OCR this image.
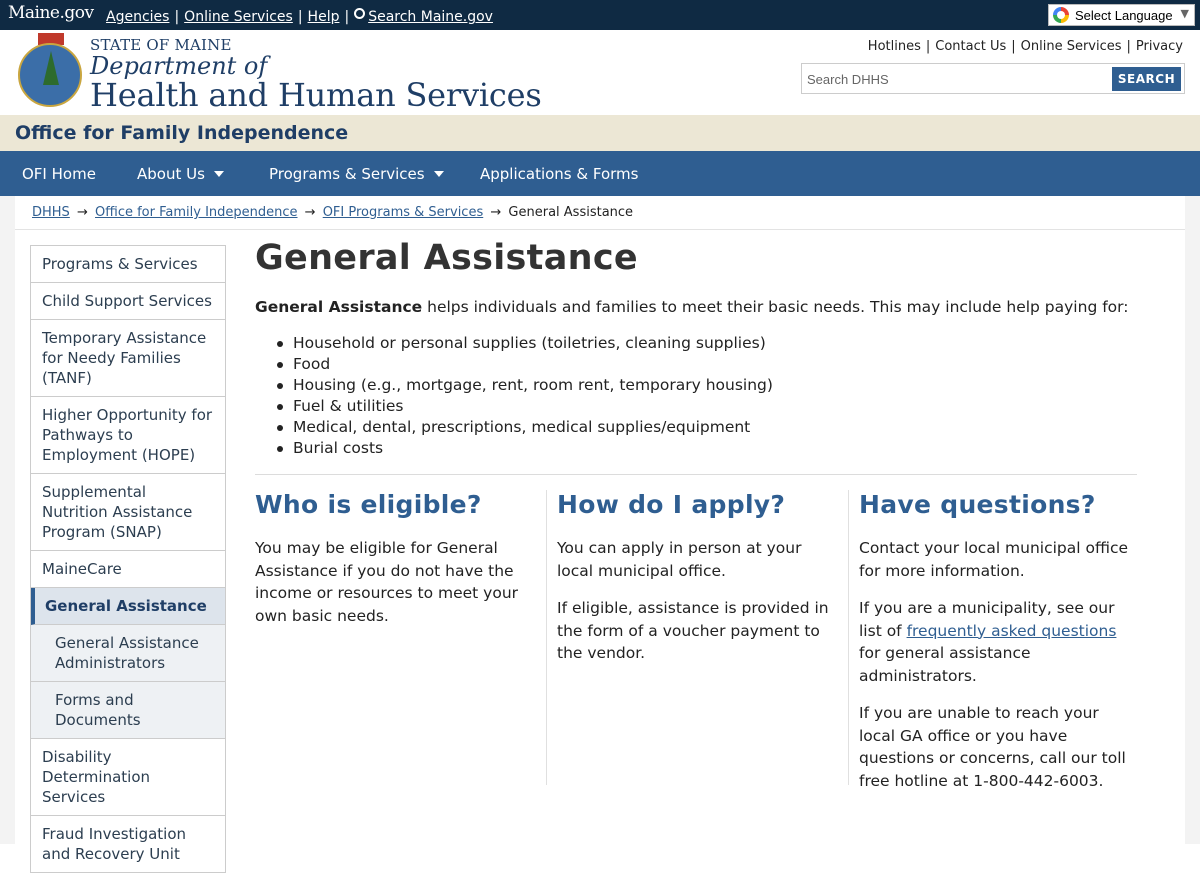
Maine.gov Agencies | Online Services | Help | Search Maine.gov	Select Language ▼
STATE OF MAINE
Department of
Health and Human Services
Hotlines | Contact Us | Online Services | Privacy
Search DHHS
SEARCH
Office for Family Independence
OFI Home	About Us	Programs & Services	Applications & Forms
DHHS → Office for Family Independence → OFI Programs & Services → General Assistance
Programs & Services
Child Support Services
Temporary Assistance for Needy Families (TANF)
Higher Opportunity for Pathways to Employment (HOPE)
Supplemental Nutrition Assistance Program (SNAP)
MaineCare
General Assistance
General Assistance Administrators
Forms and Documents
Disability Determination Services
Fraud Investigation and Recovery Unit
General Assistance

General Assistance helps individuals and families to meet their basic needs. This may include help paying for:

Household or personal supplies (toiletries, cleaning supplies)
Food
Housing (e.g., mortgage, rent, room rent, temporary housing)
Fuel & utilities
Medical, dental, prescriptions, medical supplies/equipment
Burial costs
Who is eligible?

You may be eligible for General Assistance if you do not have the income or resources to meet your own basic needs.

How do I apply?

You can apply in person at your local municipal office.

If eligible, assistance is provided in the form of a voucher payment to the vendor.

Have questions?

Contact your local municipal office for more information.

If you are a municipality, see our list of frequently asked questions for general assistance administrators.

If you are unable to reach your local GA office or you have questions or concerns, call our toll free hotline at 1-800-442-6003.
